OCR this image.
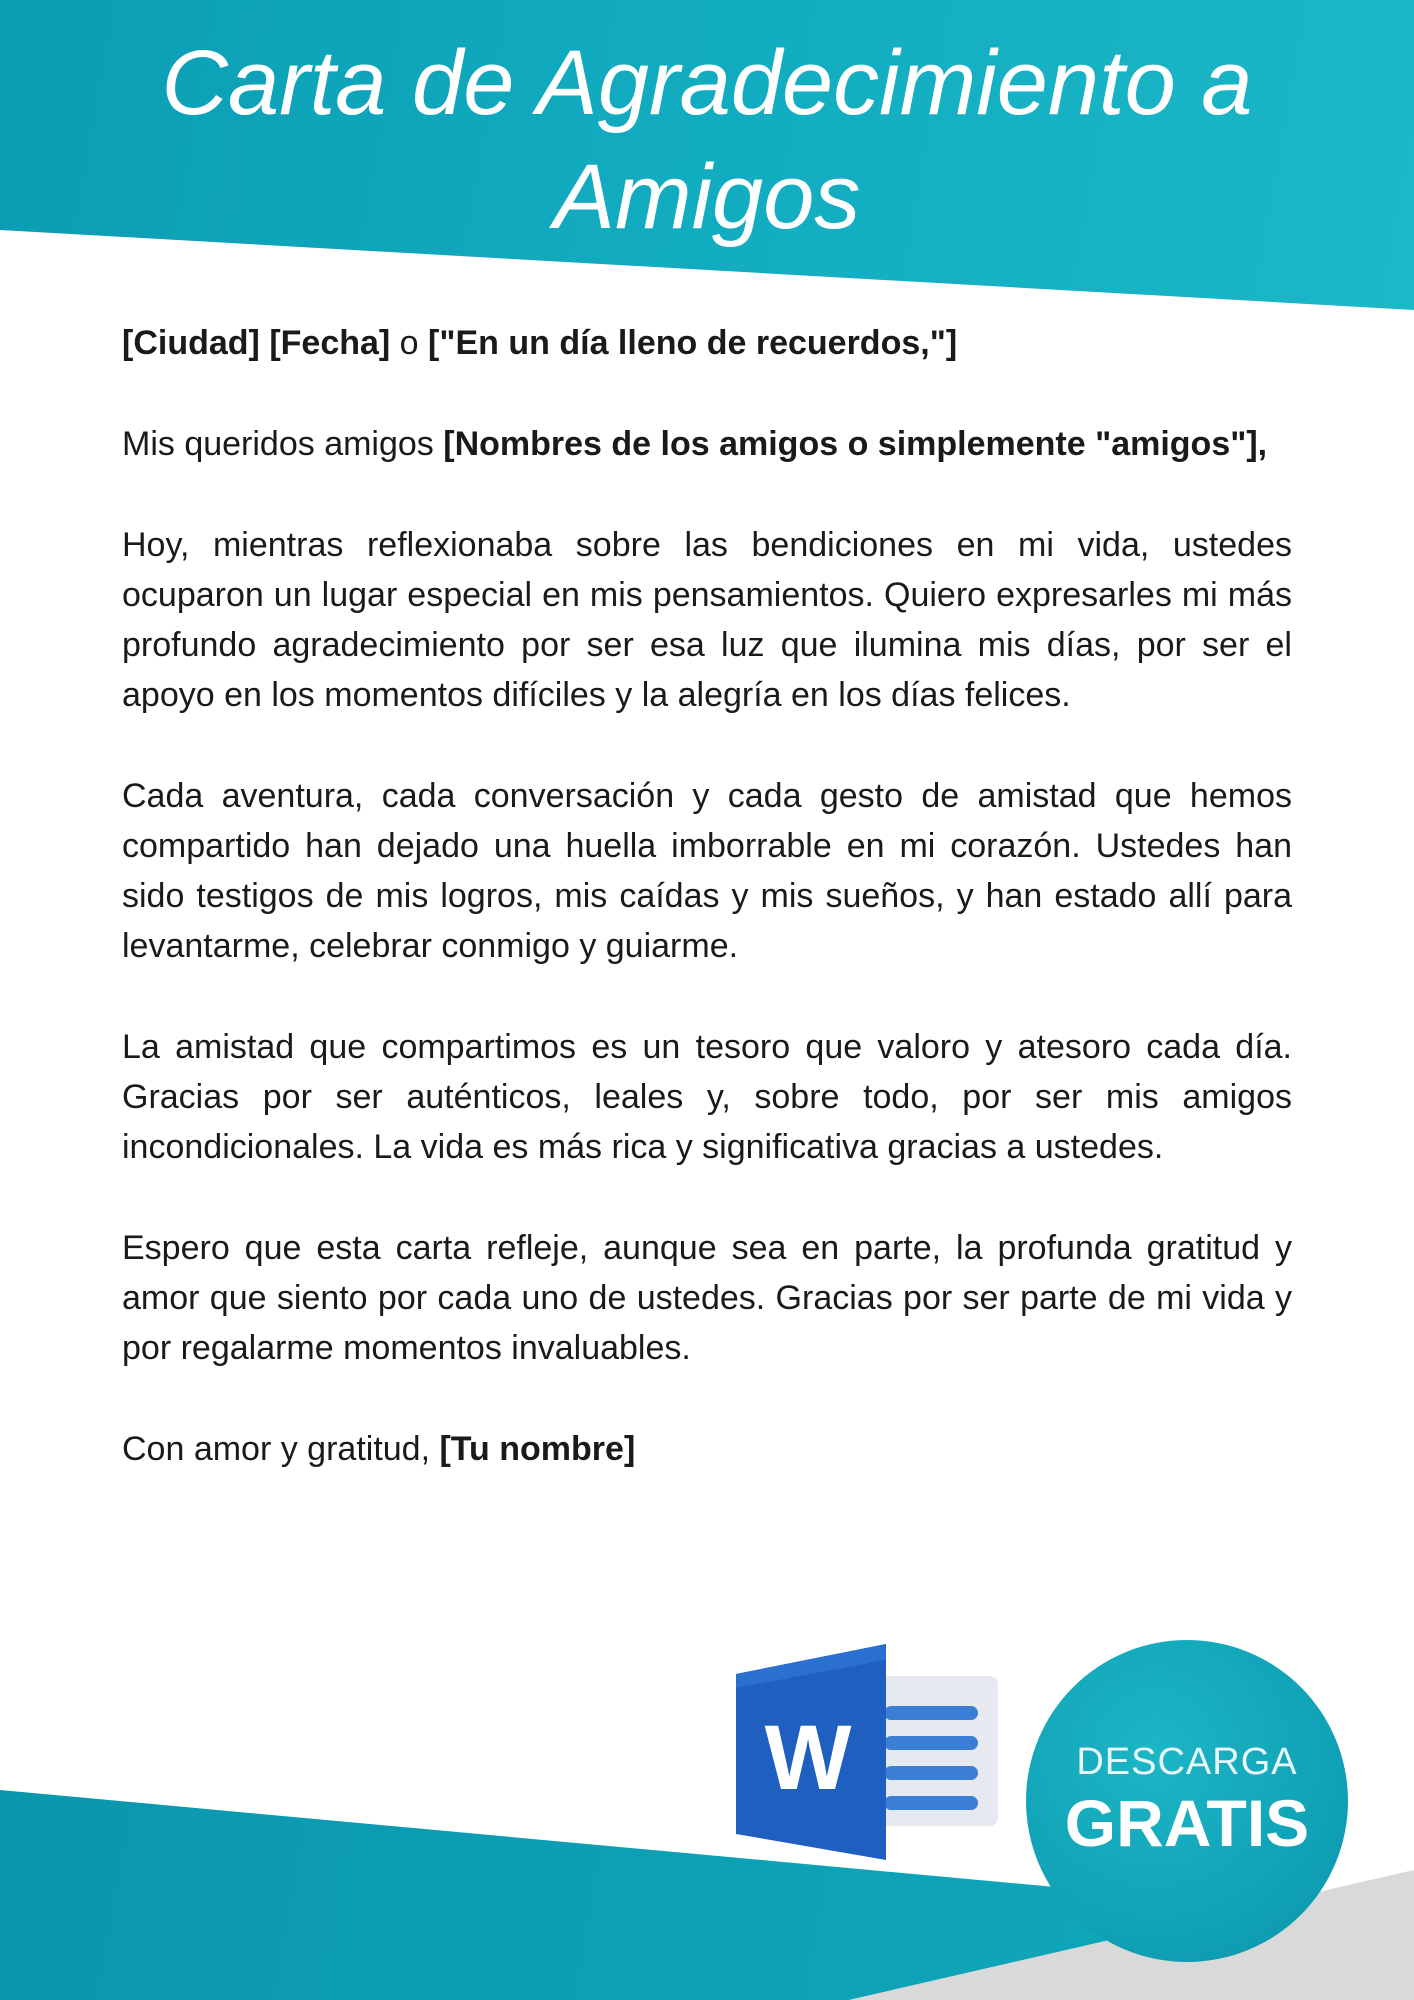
Carta de Agradecimiento a Amigos

[Ciudad] [Fecha] o ["En un día lleno de recuerdos,"]

Mis queridos amigos [Nombres de los amigos o simplemente "amigos"],

Hoy, mientras reflexionaba sobre las bendiciones en mi vida, ustedes ocuparon un lugar especial en mis pensamientos. Quiero expresarles mi más profundo agradecimiento por ser esa luz que ilumina mis días, por ser el apoyo en los momentos difíciles y la alegría en los días felices.

Cada aventura, cada conversación y cada gesto de amistad que hemos compartido han dejado una huella imborrable en mi corazón. Ustedes han sido testigos de mis logros, mis caídas y mis sueños, y han estado allí para levantarme, celebrar conmigo y guiarme.

La amistad que compartimos es un tesoro que valoro y atesoro cada día. Gracias por ser auténticos, leales y, sobre todo, por ser mis amigos incondicionales. La vida es más rica y significativa gracias a ustedes.

Espero que esta carta refleje, aunque sea en parte, la profunda gratitud y amor que siento por cada uno de ustedes. Gracias por ser parte de mi vida y por regalarme momentos invaluables.

Con amor y gratitud, [Tu nombre]

W	DESCARGA
GRATIS
